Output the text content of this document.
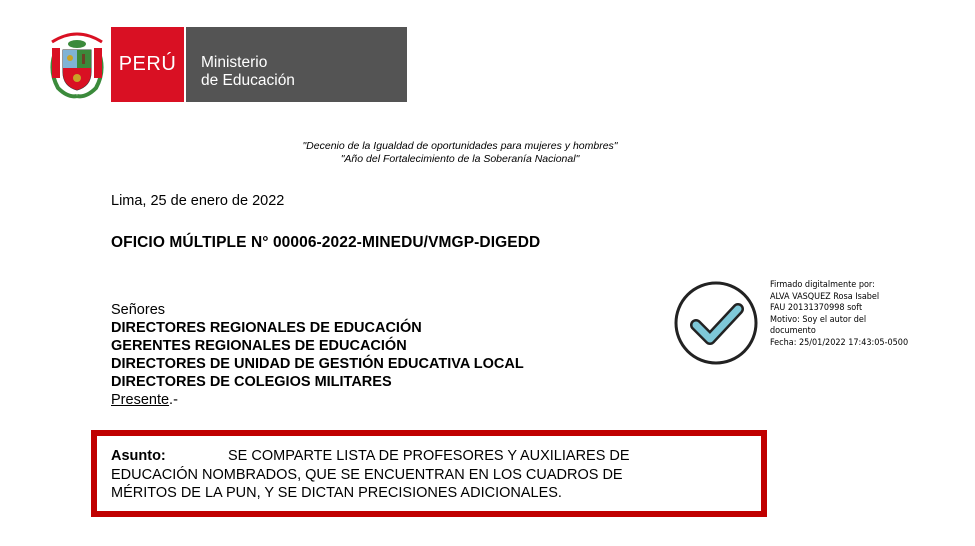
PERÚ Ministerio
de Educación
"Decenio de la Igualdad de oportunidades para mujeres y hombres"
"Año del Fortalecimiento de la Soberanía Nacional"
Lima, 25 de enero de 2022
OFICIO MÚLTIPLE N° 00006-2022-MINEDU/VMGP-DIGEDD
Señores
DIRECTORES REGIONALES DE EDUCACIÓN
GERENTES REGIONALES DE EDUCACIÓN
DIRECTORES DE UNIDAD DE GESTIÓN EDUCATIVA LOCAL
DIRECTORES DE COLEGIOS MILITARES
Presente.-
Firmado digitalmente por:
ALVA VASQUEZ Rosa Isabel
FAU 20131370998 soft
Motivo: Soy el autor del
documento
Fecha: 25/01/2022 17:43:05-0500
Asunto:	SE COMPARTE LISTA DE PROFESORES Y AUXILIARES DE
EDUCACIÓN NOMBRADOS, QUE SE ENCUENTRAN EN LOS CUADROS DE
MÉRITOS DE LA PUN, Y SE DICTAN PRECISIONES ADICIONALES.
